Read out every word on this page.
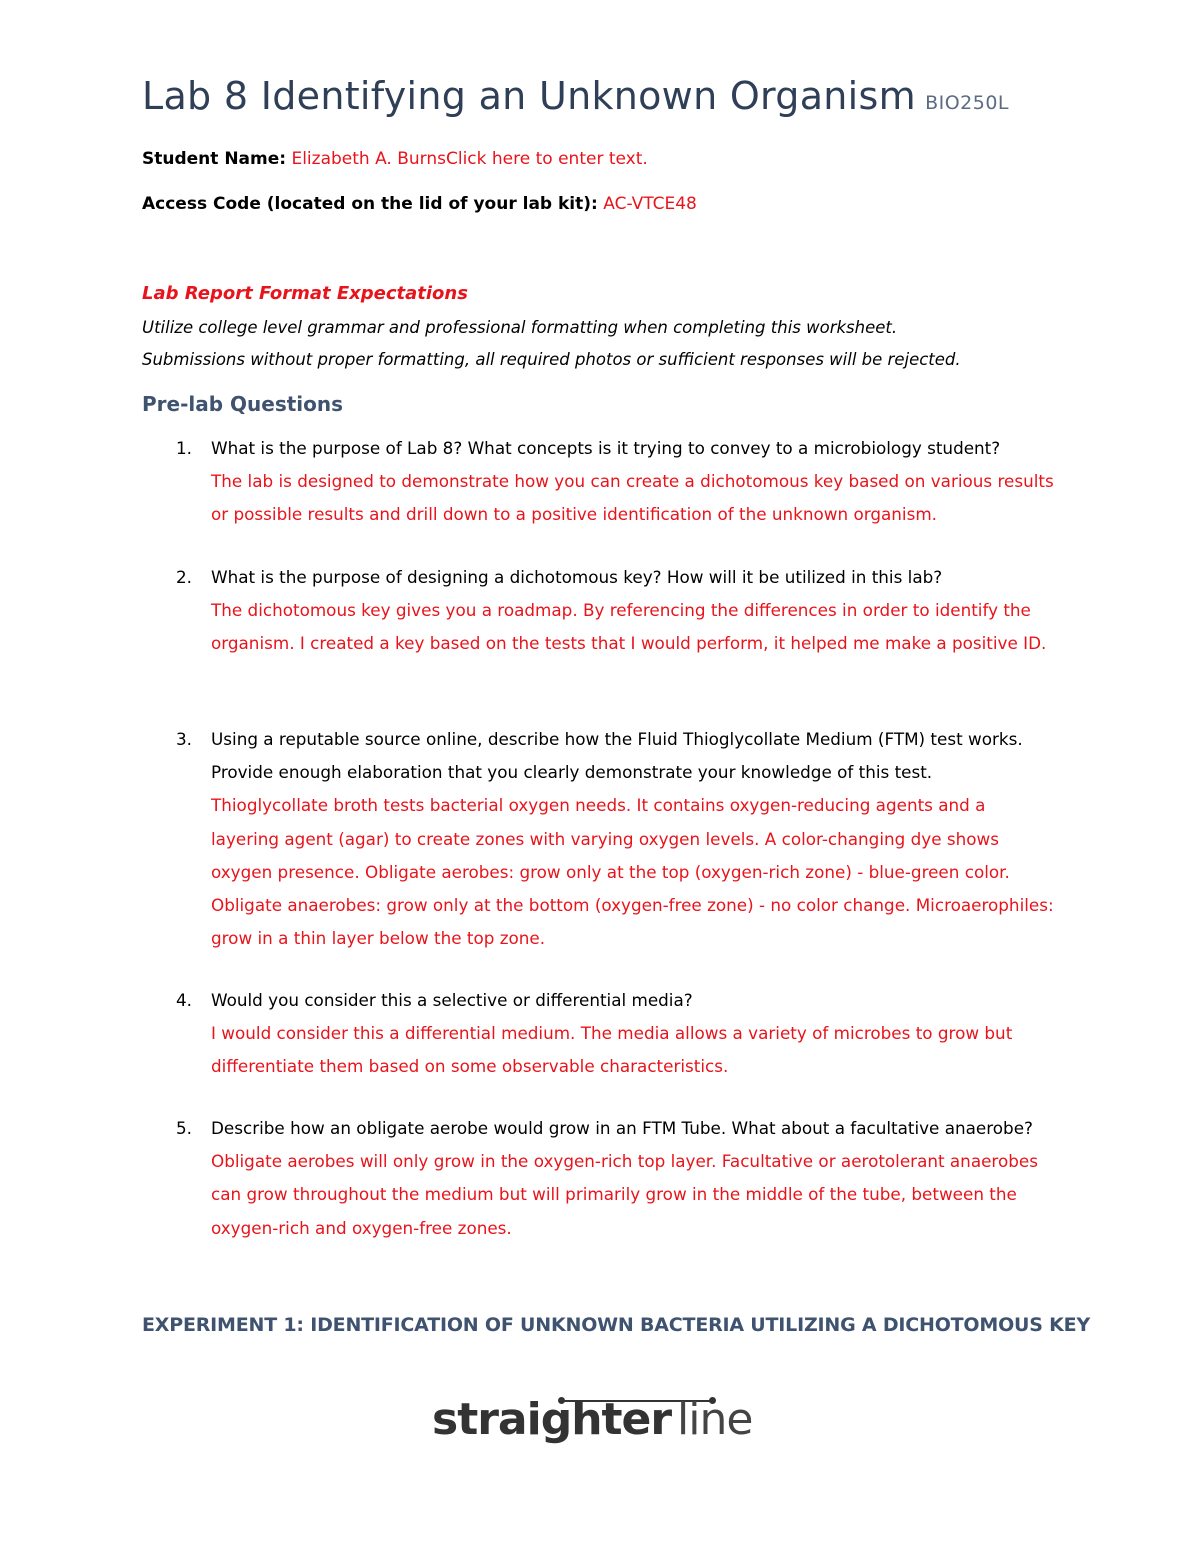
Lab 8 Identifying an Unknown Organism BIO250L
Student Name: Elizabeth A. BurnsClick here to enter text.
Access Code (located on the lid of your lab kit): AC-VTCE48
Lab Report Format Expectations
Utilize college level grammar and professional formatting when completing this worksheet.
Submissions without proper formatting, all required photos or sufficient responses will be rejected.
Pre-lab Questions
1. What is the purpose of Lab 8? What concepts is it trying to convey to a microbiology student?
The lab is designed to demonstrate how you can create a dichotomous key based on various results or possible results and drill down to a positive identification of the unknown organism.
2. What is the purpose of designing a dichotomous key? How will it be utilized in this lab?
The dichotomous key gives you a roadmap. By referencing the differences in order to identify the organism. I created a key based on the tests that I would perform, it helped me make a positive ID.
3. Using a reputable source online, describe how the Fluid Thioglycollate Medium (FTM) test works. Provide enough elaboration that you clearly demonstrate your knowledge of this test.
Thioglycollate broth tests bacterial oxygen needs. It contains oxygen-reducing agents and a layering agent (agar) to create zones with varying oxygen levels. A color-changing dye shows oxygen presence. Obligate aerobes: grow only at the top (oxygen-rich zone) - blue-green color. Obligate anaerobes: grow only at the bottom (oxygen-free zone) - no color change. Microaerophiles: grow in a thin layer below the top zone.
4. Would you consider this a selective or differential media?
I would consider this a differential medium. The media allows a variety of microbes to grow but differentiate them based on some observable characteristics.
5. Describe how an obligate aerobe would grow in an FTM Tube. What about a facultative anaerobe?
Obligate aerobes will only grow in the oxygen-rich top layer. Facultative or aerotolerant anaerobes can grow throughout the medium but will primarily grow in the middle of the tube, between the oxygen-rich and oxygen-free zones.
EXPERIMENT 1: IDENTIFICATION OF UNKNOWN BACTERIA UTILIZING A DICHOTOMOUS KEY
straighter line
